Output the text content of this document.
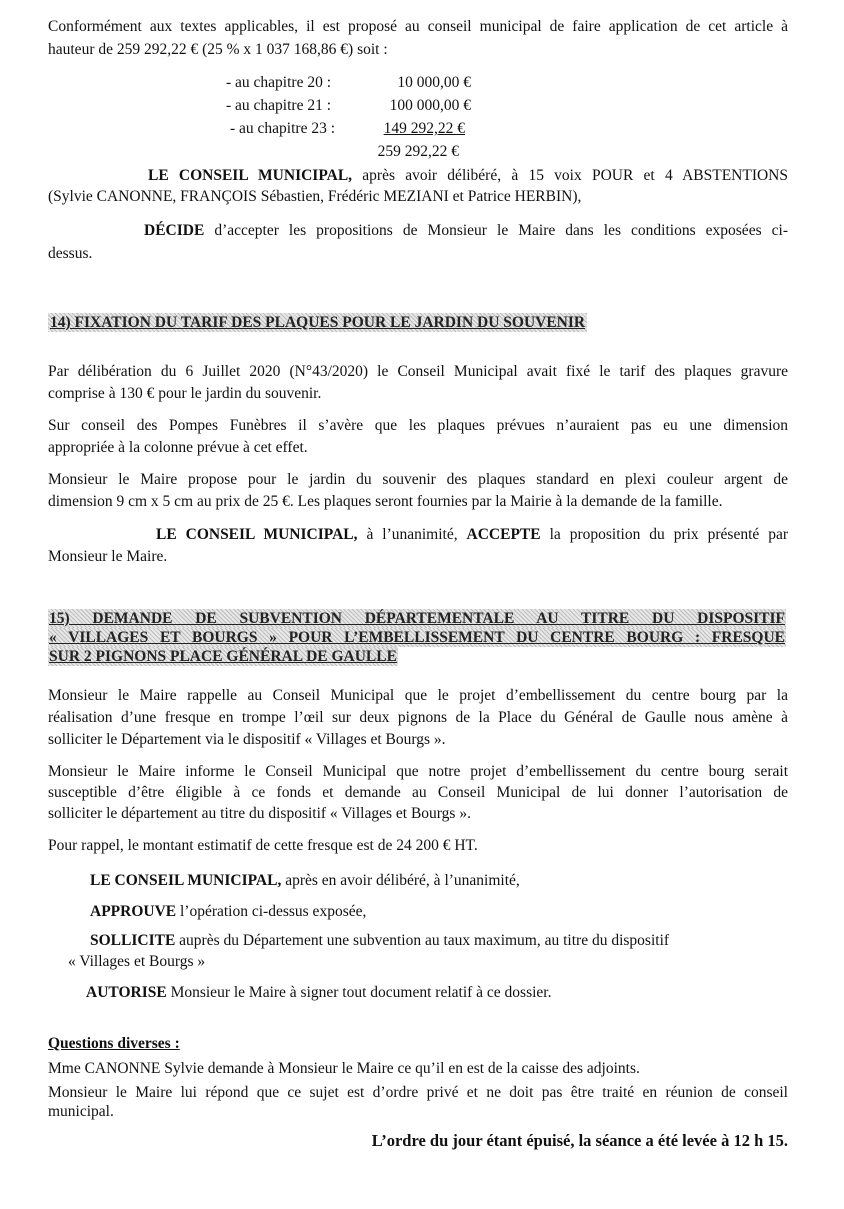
Conformément aux textes applicables, il est proposé au conseil municipal de faire application de cet article à

hauteur de 259 292,22 € (25 % x 1 037 168,86 €) soit :

- au chapitre 20 :	10 000,00 €
- au chapitre 21 :	100 000,00 €
- au chapitre 23 :	149 292,22 €
259 292,22 €

LE CONSEIL MUNICIPAL, après avoir délibéré, à 15 voix POUR et 4 ABSTENTIONS

(Sylvie CANONNE, FRANÇOIS Sébastien, Frédéric MEZIANI et Patrice HERBIN),

DÉCIDE d’accepter les propositions de Monsieur le Maire dans les conditions exposées ci-

dessus.

14) FIXATION DU TARIF DES PLAQUES POUR LE JARDIN DU SOUVENIR

Par délibération du 6 Juillet 2020 (N°43/2020) le Conseil Municipal avait fixé le tarif des plaques gravure

comprise à 130 € pour le jardin du souvenir.

Sur conseil des Pompes Funèbres il s’avère que les plaques prévues n’auraient pas eu une dimension

appropriée à la colonne prévue à cet effet.

Monsieur le Maire propose pour le jardin du souvenir des plaques standard en plexi couleur argent de

dimension 9 cm x 5 cm au prix de 25 €. Les plaques seront fournies par la Mairie à la demande de la famille.

LE CONSEIL MUNICIPAL, à l’unanimité, ACCEPTE la proposition du prix présenté par

Monsieur le Maire.

15) DEMANDE DE SUBVENTION DÉPARTEMENTALE AU TITRE DU DISPOSITIF
« VILLAGES ET BOURGS » POUR L’EMBELLISSEMENT DU CENTRE BOURG : FRESQUE
SUR 2 PIGNONS PLACE GÉNÉRAL DE GAULLE

Monsieur le Maire rappelle au Conseil Municipal que le projet d’embellissement du centre bourg par la

réalisation d’une fresque en trompe l’œil sur deux pignons de la Place du Général de Gaulle nous amène à

solliciter le Département via le dispositif « Villages et Bourgs ».

Monsieur le Maire informe le Conseil Municipal que notre projet d’embellissement du centre bourg serait

susceptible d’être éligible à ce fonds et demande au Conseil Municipal de lui donner l’autorisation de

solliciter le département au titre du dispositif « Villages et Bourgs ».

Pour rappel, le montant estimatif de cette fresque est de 24 200 € HT.

LE CONSEIL MUNICIPAL, après en avoir délibéré, à l’unanimité,

APPROUVE l’opération ci-dessus exposée,

SOLLICITE auprès du Département une subvention au taux maximum, au titre du dispositif

« Villages et Bourgs »

AUTORISE Monsieur le Maire à signer tout document relatif à ce dossier.

Questions diverses :

Mme CANONNE Sylvie demande à Monsieur le Maire ce qu’il en est de la caisse des adjoints.

Monsieur le Maire lui répond que ce sujet est d’ordre privé et ne doit pas être traité en réunion de conseil

municipal.

L’ordre du jour étant épuisé, la séance a été levée à 12 h 15.
